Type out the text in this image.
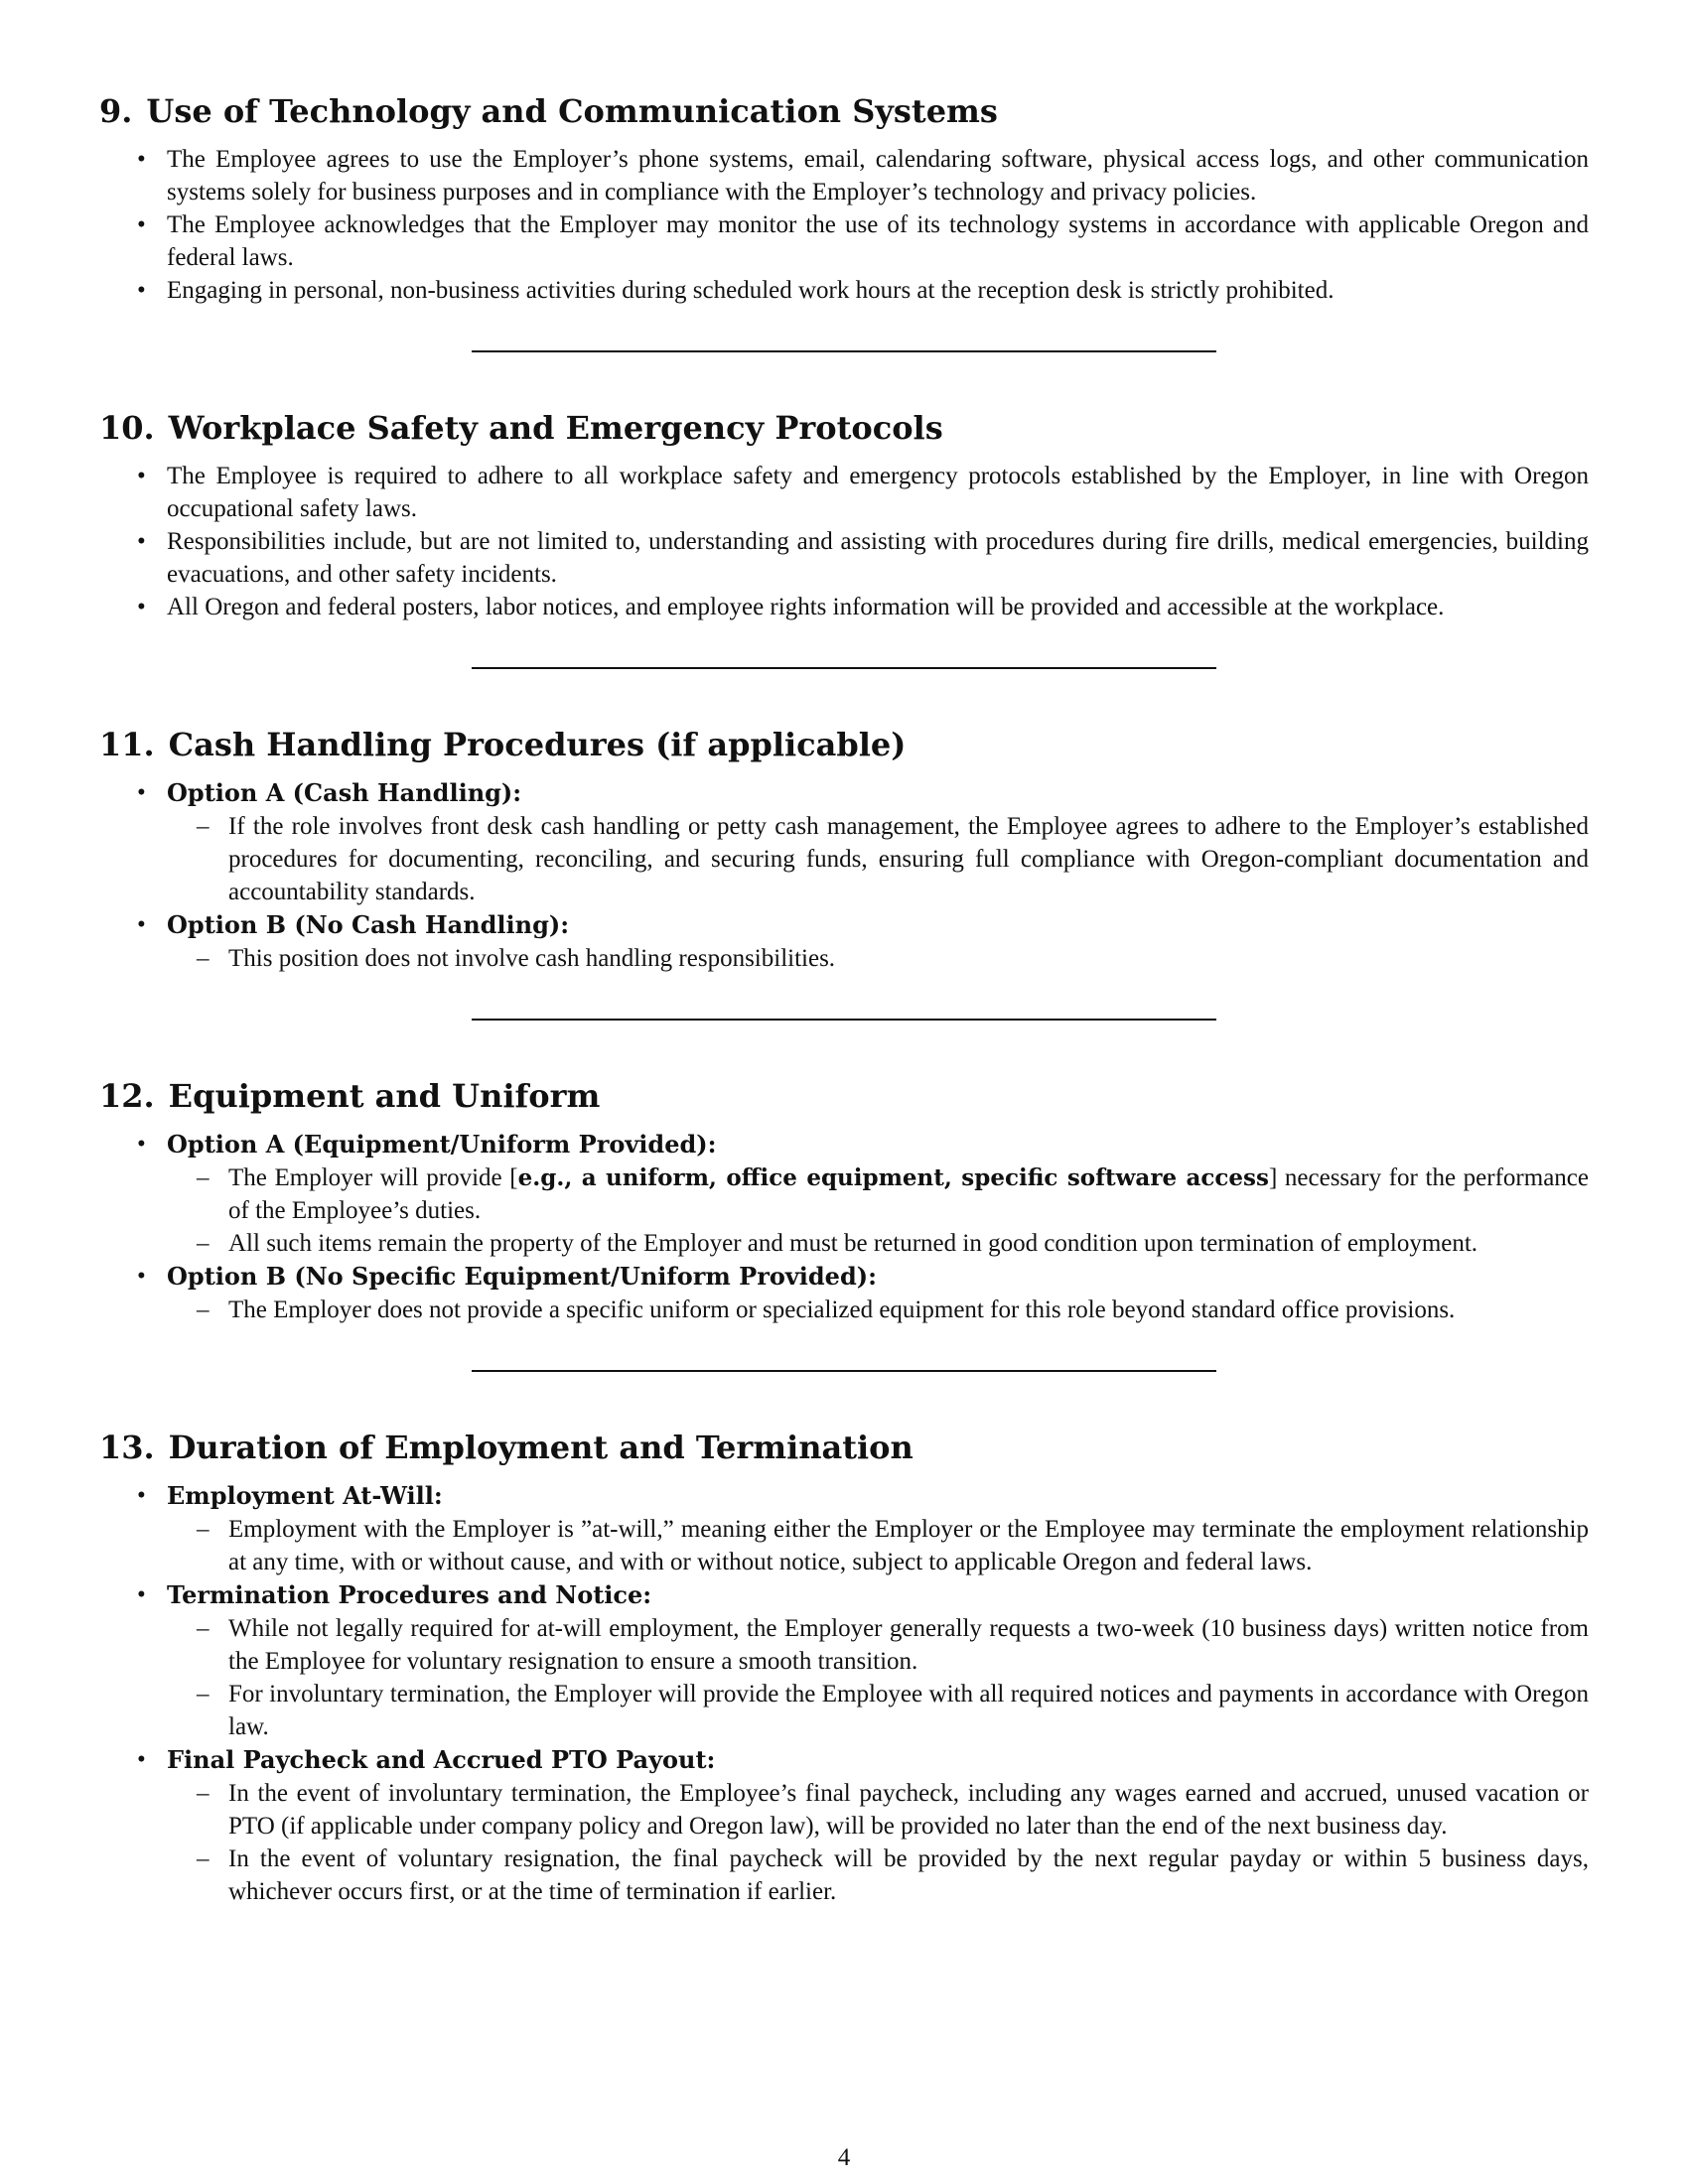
9. Use of Technology and Communication Systems
• The Employee agrees to use the Employer’s phone systems, email, calendaring software, physical access logs, and other communication systems solely for business purposes and in compliance with the Employer’s technology and privacy policies.
• The Employee acknowledges that the Employer may monitor the use of its technology systems in accordance with applicable Oregon and federal laws.
• Engaging in personal, non-business activities during scheduled work hours at the reception desk is strictly prohibited.
10. Workplace Safety and Emergency Protocols
• The Employee is required to adhere to all workplace safety and emergency protocols established by the Employer, in line with Oregon occupational safety laws.
• Responsibilities include, but are not limited to, understanding and assisting with procedures during fire drills, medical emergencies, building evacuations, and other safety incidents.
• All Oregon and federal posters, labor notices, and employee rights information will be provided and accessible at the workplace.
11. Cash Handling Procedures (if applicable)
• Option A (Cash Handling):
– If the role involves front desk cash handling or petty cash management, the Employee agrees to adhere to the Employer’s established procedures for documenting, reconciling, and securing funds, ensuring full compliance with Oregon-compliant documentation and accountability standards.
• Option B (No Cash Handling):
– This position does not involve cash handling responsibilities.
12. Equipment and Uniform
• Option A (Equipment/Uniform Provided):
– The Employer will provide [e.g., a uniform, office equipment, specific software access] necessary for the performance of the Employee’s duties.
– All such items remain the property of the Employer and must be returned in good condition upon termination of employment.
• Option B (No Specific Equipment/Uniform Provided):
– The Employer does not provide a specific uniform or specialized equipment for this role beyond standard office provisions.
13. Duration of Employment and Termination
• Employment At-Will:
– Employment with the Employer is ”at-will,” meaning either the Employer or the Employee may terminate the employment relationship at any time, with or without cause, and with or without notice, subject to applicable Oregon and federal laws.
• Termination Procedures and Notice:
– While not legally required for at-will employment, the Employer generally requests a two-week (10 business days) written notice from the Employee for voluntary resignation to ensure a smooth transition.
– For involuntary termination, the Employer will provide the Employee with all required notices and payments in accordance with Oregon law.
• Final Paycheck and Accrued PTO Payout:
– In the event of involuntary termination, the Employee’s final paycheck, including any wages earned and accrued, unused vacation or PTO (if applicable under company policy and Oregon law), will be provided no later than the end of the next business day.
– In the event of voluntary resignation, the final paycheck will be provided by the next regular payday or within 5 business days, whichever occurs first, or at the time of termination if earlier.
4
